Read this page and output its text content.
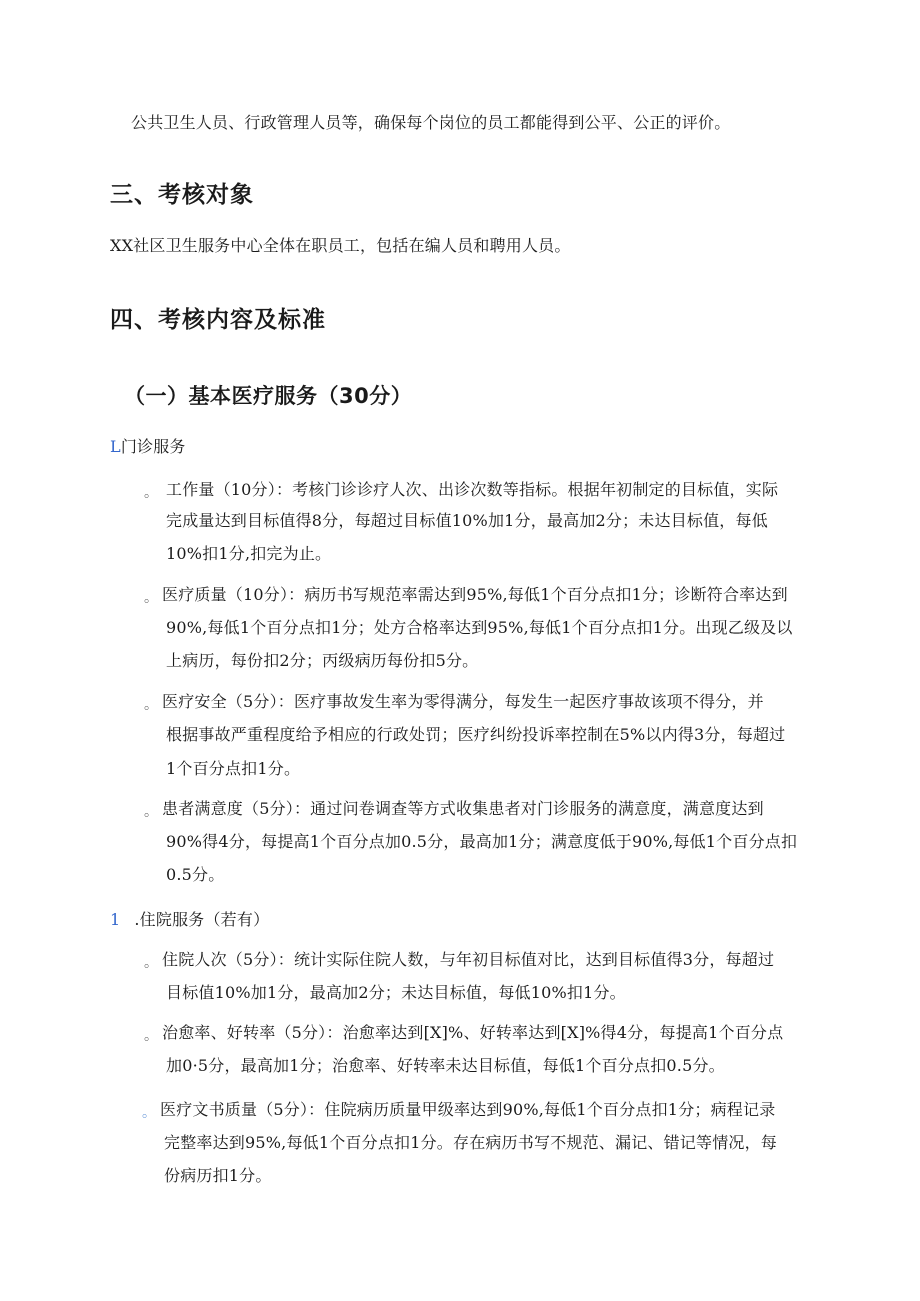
公共卫生人员、行政管理人员等，确保每个岗位的员工都能得到公平、公正的评价。
三、考核对象
XX社区卫生服务中心全体在职员工，包括在编人员和聘用人员。
四、考核内容及标准
（一）基本医疗服务（30分）
L门诊服务
。 工作量（10分）：考核门诊诊疗人次、出诊次数等指标。根据年初制定的目标值，实际
完成量达到目标值得8分，每超过目标值10%加1分，最高加2分；未达目标值，每低
10%扣1分,扣完为止。
。 医疗质量（10分）：病历书写规范率需达到95%,每低1个百分点扣1分；诊断符合率达到
90%,每低1个百分点扣1分；处方合格率达到95%,每低1个百分点扣1分。出现乙级及以
上病历，每份扣2分；丙级病历每份扣5分。
。 医疗安全（5分）：医疗事故发生率为零得满分，每发生一起医疗事故该项不得分，并
根据事故严重程度给予相应的行政处罚；医疗纠纷投诉率控制在5%以内得3分，每超过
1个百分点扣1分。
。 患者满意度（5分）：通过问卷调查等方式收集患者对门诊服务的满意度，满意度达到
90%得4分，每提高1个百分点加0.5分，最高加1分；满意度低于90%,每低1个百分点扣
0.5分。
1 .住院服务（若有）
。 住院人次（5分）：统计实际住院人数，与年初目标值对比，达到目标值得3分，每超过
目标值10%加1分，最高加2分；未达目标值，每低10%扣1分。
。 治愈率、好转率（5分）：治愈率达到[X]%、好转率达到[X]%得4分，每提高1个百分点
加0·5分，最高加1分；治愈率、好转率未达目标值，每低1个百分点扣0.5分。
。 医疗文书质量（5分）：住院病历质量甲级率达到90%,每低1个百分点扣1分；病程记录
完整率达到95%,每低1个百分点扣1分。存在病历书写不规范、漏记、错记等情况，每
份病历扣1分。
